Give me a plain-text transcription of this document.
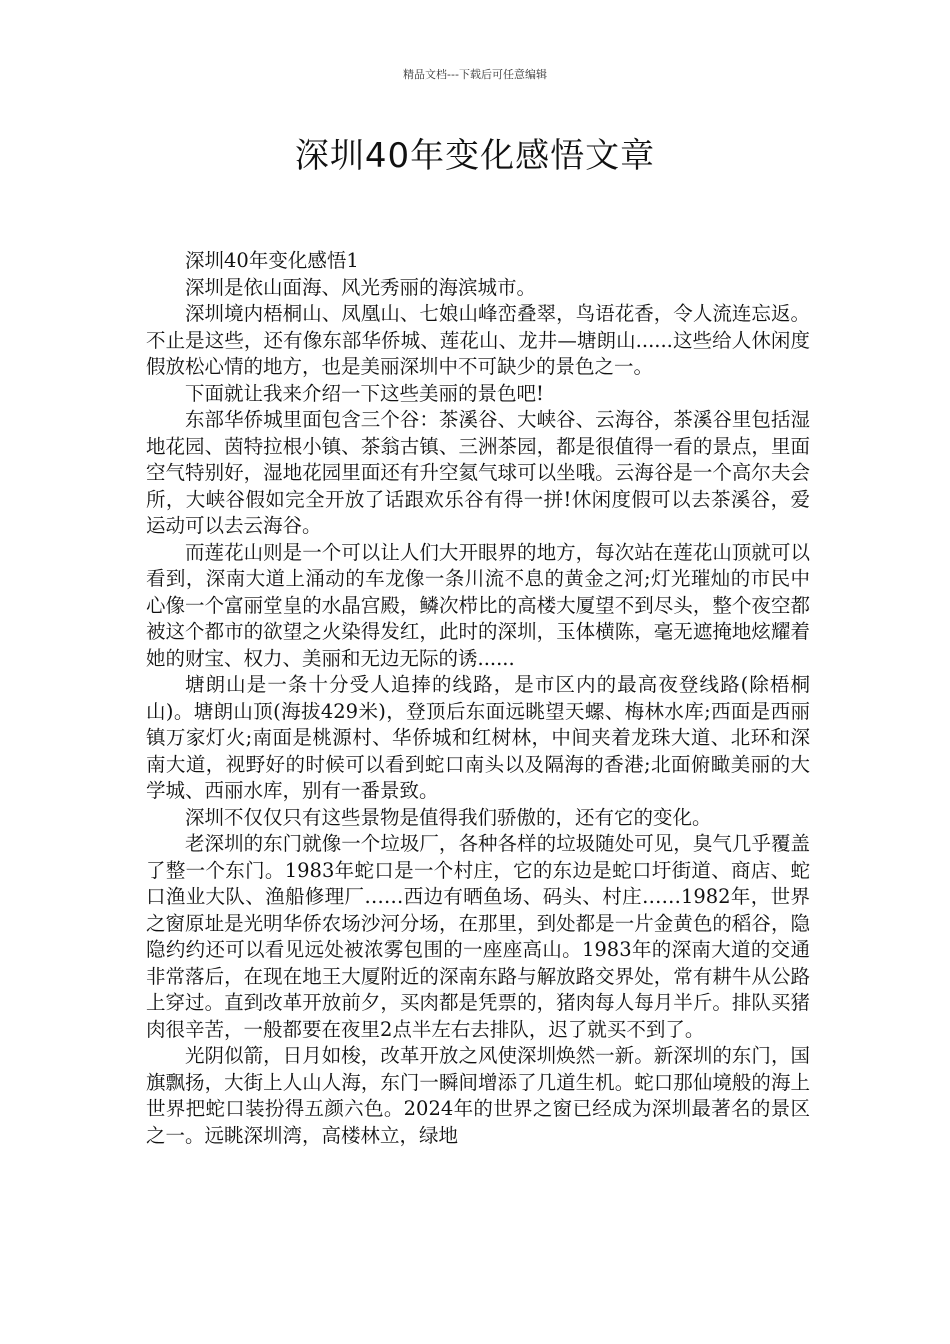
精品文档---下载后可任意编辑
深圳40年变化感悟文章

深圳40年变化感悟1

深圳是依山面海、风光秀丽的海滨城市。

深圳境内梧桐山、凤凰山、七娘山峰峦叠翠，鸟语花香，令人流连忘返。不止是这些，还有像东部华侨城、莲花山、龙井—塘朗山......这些给人休闲度假放松心情的地方，也是美丽深圳中不可缺少的景色之一。

下面就让我来介绍一下这些美丽的景色吧!

东部华侨城里面包含三个谷：茶溪谷、大峡谷、云海谷，茶溪谷里包括湿地花园、茵特拉根小镇、茶翁古镇、三洲茶园，都是很值得一看的景点，里面空气特别好，湿地花园里面还有升空氦气球可以坐哦。云海谷是一个高尔夫会所，大峡谷假如完全开放了话跟欢乐谷有得一拼!休闲度假可以去茶溪谷，爱运动可以去云海谷。

而莲花山则是一个可以让人们大开眼界的地方，每次站在莲花山顶就可以看到，深南大道上涌动的车龙像一条川流不息的黄金之河;灯光璀灿的市民中心像一个富丽堂皇的水晶宫殿，鳞次栉比的高楼大厦望不到尽头，整个夜空都被这个都市的欲望之火染得发红，此时的深圳，玉体横陈，毫无遮掩地炫耀着她的财宝、权力、美丽和无边无际的诱......

塘朗山是一条十分受人追捧的线路，是市区内的最高夜登线路(除梧桐山)。塘朗山顶(海拔429米)，登顶后东面远眺望天螺、梅林水库;西面是西丽镇万家灯火;南面是桃源村、华侨城和红树林，中间夹着龙珠大道、北环和深南大道，视野好的时候可以看到蛇口南头以及隔海的香港;北面俯瞰美丽的大学城、西丽水库，别有一番景致。

深圳不仅仅只有这些景物是值得我们骄傲的，还有它的变化。

老深圳的东门就像一个垃圾厂，各种各样的垃圾随处可见，臭气几乎覆盖了整一个东门。1983年蛇口是一个村庄，它的东边是蛇口圩街道、商店、蛇口渔业大队、渔船修理厂……西边有晒鱼场、码头、村庄……1982年，世界之窗原址是光明华侨农场沙河分场，在那里，到处都是一片金黄色的稻谷，隐隐约约还可以看见远处被浓雾包围的一座座高山。1983年的深南大道的交通非常落后，在现在地王大厦附近的深南东路与解放路交界处，常有耕牛从公路上穿过。直到改革开放前夕，买肉都是凭票的，猪肉每人每月半斤。排队买猪肉很辛苦，一般都要在夜里2点半左右去排队，迟了就买不到了。

光阴似箭，日月如梭，改革开放之风使深圳焕然一新。新深圳的东门，国旗飘扬，大街上人山人海，东门一瞬间增添了几道生机。蛇口那仙境般的海上世界把蛇口装扮得五颜六色。2024年的世界之窗已经成为深圳最著名的景区之一。远眺深圳湾，高楼林立，绿地
